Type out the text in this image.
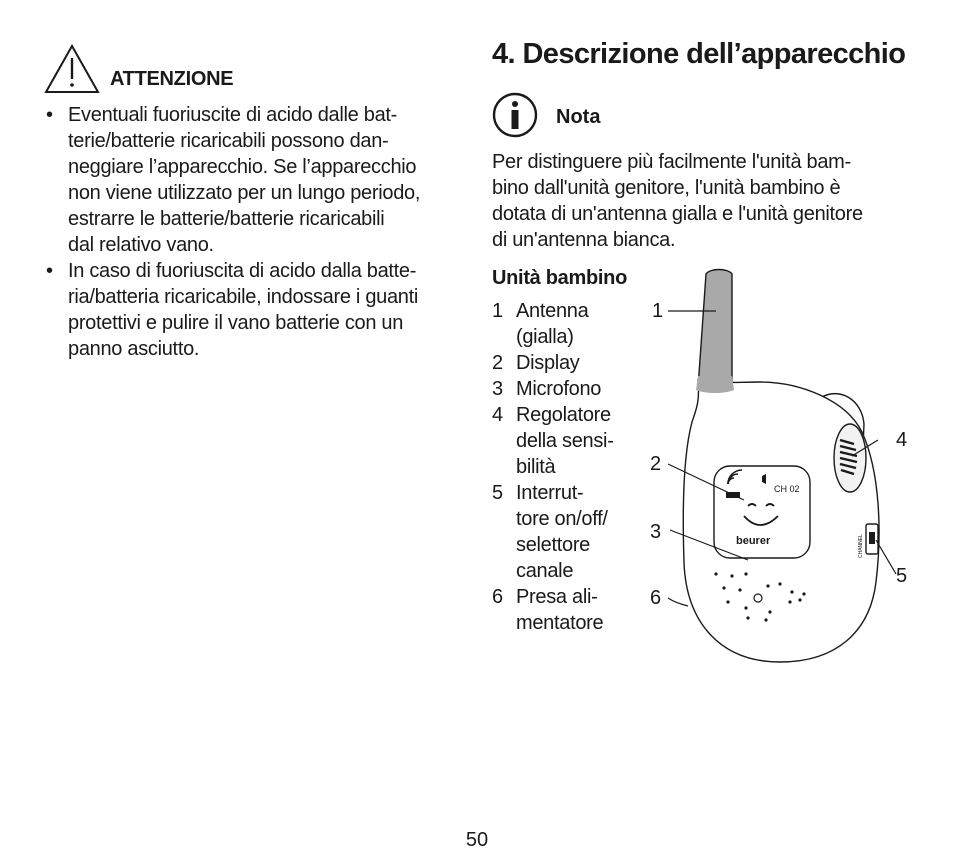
ATTENZIONE
• Eventuali fuoriuscite di acido dalle bat-
terie/batterie ricaricabili possono dan-
neggiare l’apparecchio. Se l’apparecchio
non viene utilizzato per un lungo periodo,
estrarre le batterie/batterie ricaricabili
dal relativo vano.
• In caso di fuoriuscita di acido dalla batte-
ria/batteria ricaricabile, indossare i guanti
protettivi e pulire il vano batterie con un
panno asciutto.
4. Descrizione dell’apparecchio
Nota
Per distinguere più facilmente l'unità bam-
bino dall'unità genitore, l'unità bambino è
dotata di un'antenna gialla e l'unità genitore
di un'antenna bianca.
Unità bambino
1 Antenna
(gialla)
2 Display
3 Microfono
4 Regolatore
della sensi-
bilità
5 Interrut-
tore on/off/
selettore
canale
6 Presa ali-
mentatore
CHANNEL
CH 02
beurer
1
2
3
4
5
6
50
